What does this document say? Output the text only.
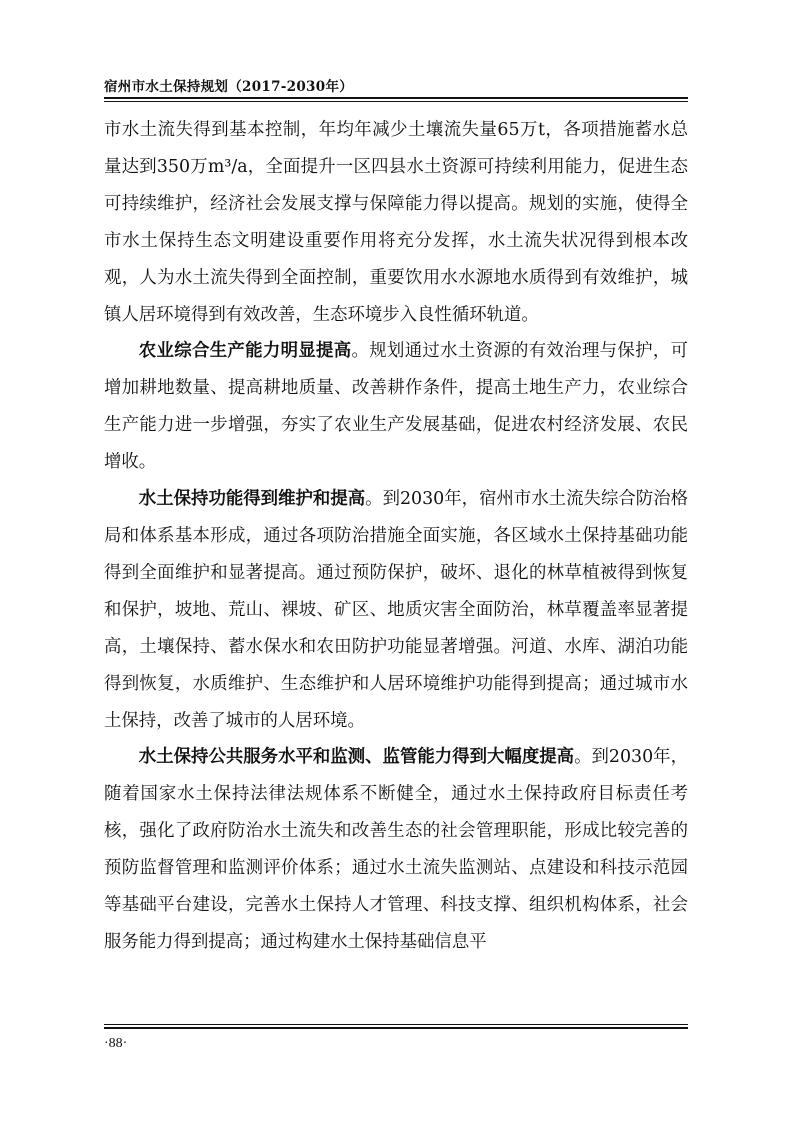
宿州市水土保持规划（2017-2030年）

市水土流失得到基本控制，年均年减少土壤流失量65万t，各项措施蓄水总量达到350万m³/a，全面提升一区四县水土资源可持续利用能力，促进生态可持续维护，经济社会发展支撑与保障能力得以提高。规划的实施，使得全市水土保持生态文明建设重要作用将充分发挥，水土流失状况得到根本改观，人为水土流失得到全面控制，重要饮用水水源地水质得到有效维护，城镇人居环境得到有效改善，生态环境步入良性循环轨道。

农业综合生产能力明显提高。规划通过水土资源的有效治理与保护，可增加耕地数量、提高耕地质量、改善耕作条件，提高土地生产力，农业综合生产能力进一步增强，夯实了农业生产发展基础，促进农村经济发展、农民增收。

水土保持功能得到维护和提高。到2030年，宿州市水土流失综合防治格局和体系基本形成，通过各项防治措施全面实施，各区域水土保持基础功能得到全面维护和显著提高。通过预防保护，破坏、退化的林草植被得到恢复和保护，坡地、荒山、裸坡、矿区、地质灾害全面防治，林草覆盖率显著提高，土壤保持、蓄水保水和农田防护功能显著增强。河道、水库、湖泊功能得到恢复，水质维护、生态维护和人居环境维护功能得到提高；通过城市水土保持，改善了城市的人居环境。

水土保持公共服务水平和监测、监管能力得到大幅度提高。到2030年，随着国家水土保持法律法规体系不断健全，通过水土保持政府目标责任考核，强化了政府防治水土流失和改善生态的社会管理职能，形成比较完善的预防监督管理和监测评价体系；通过水土流失监测站、点建设和科技示范园等基础平台建设，完善水土保持人才管理、科技支撑、组织机构体系，社会服务能力得到提高；通过构建水土保持基础信息平

·88·
